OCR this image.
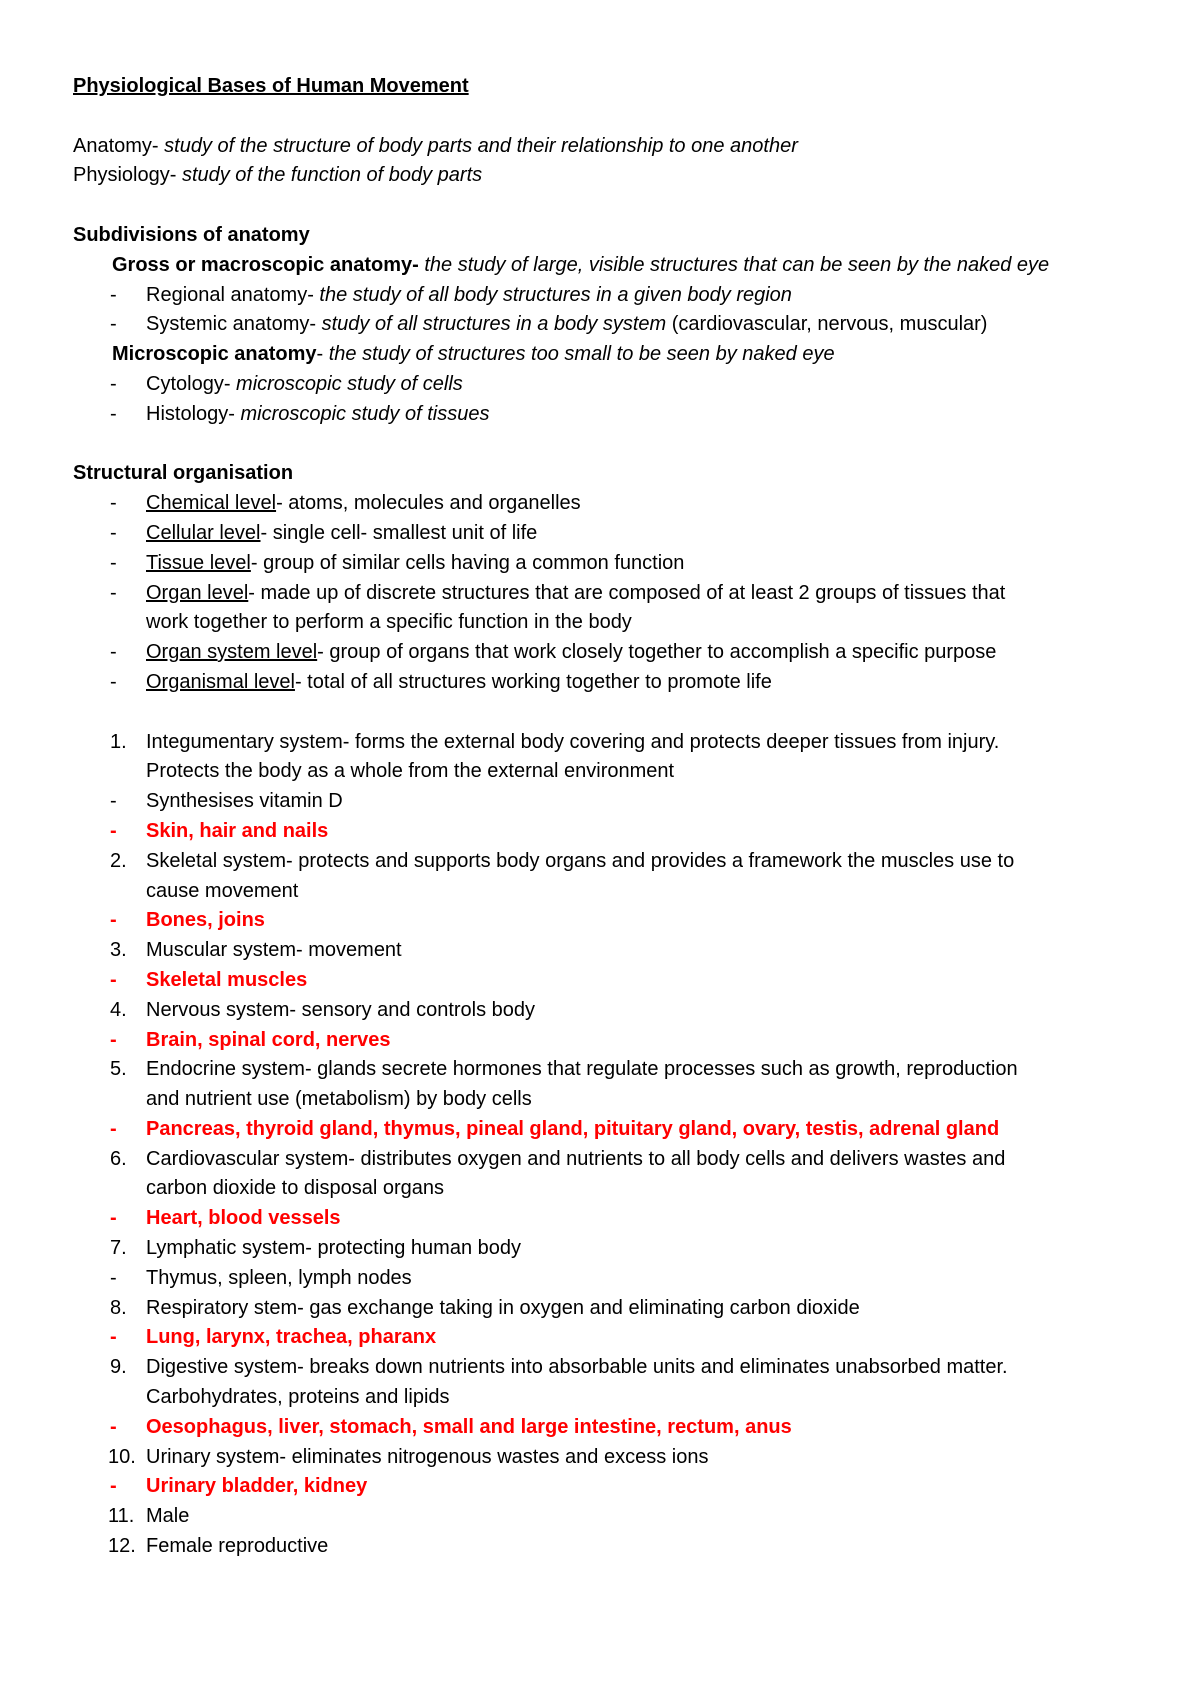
Physiological Bases of Human Movement
Anatomy- study of the structure of body parts and their relationship to one another
Physiology- study of the function of body parts
Subdivisions of anatomy
Gross or macroscopic anatomy- the study of large, visible structures that can be seen by the naked eye
- Regional anatomy- the study of all body structures in a given body region
- Systemic anatomy- study of all structures in a body system (cardiovascular, nervous, muscular)
Microscopic anatomy- the study of structures too small to be seen by naked eye
- Cytology- microscopic study of cells
- Histology- microscopic study of tissues
Structural organisation
- Chemical level- atoms, molecules and organelles
- Cellular level- single cell- smallest unit of life
- Tissue level- group of similar cells having a common function
- Organ level- made up of discrete structures that are composed of at least 2 groups of tissues that
work together to perform a specific function in the body
- Organ system level- group of organs that work closely together to accomplish a specific purpose
- Organismal level- total of all structures working together to promote life
1. Integumentary system- forms the external body covering and protects deeper tissues from injury.
Protects the body as a whole from the external environment
- Synthesises vitamin D
- Skin, hair and nails
2. Skeletal system- protects and supports body organs and provides a framework the muscles use to
cause movement
- Bones, joins
3. Muscular system- movement
- Skeletal muscles
4. Nervous system- sensory and controls body
- Brain, spinal cord, nerves
5. Endocrine system- glands secrete hormones that regulate processes such as growth, reproduction
and nutrient use (metabolism) by body cells
- Pancreas, thyroid gland, thymus, pineal gland, pituitary gland, ovary, testis, adrenal gland
6. Cardiovascular system- distributes oxygen and nutrients to all body cells and delivers wastes and
carbon dioxide to disposal organs
- Heart, blood vessels
7. Lymphatic system- protecting human body
- Thymus, spleen, lymph nodes
8. Respiratory stem- gas exchange taking in oxygen and eliminating carbon dioxide
- Lung, larynx, trachea, pharanx
9. Digestive system- breaks down nutrients into absorbable units and eliminates unabsorbed matter.
Carbohydrates, proteins and lipids
- Oesophagus, liver, stomach, small and large intestine, rectum, anus
10. Urinary system- eliminates nitrogenous wastes and excess ions
- Urinary bladder, kidney
11. Male
12. Female reproductive
